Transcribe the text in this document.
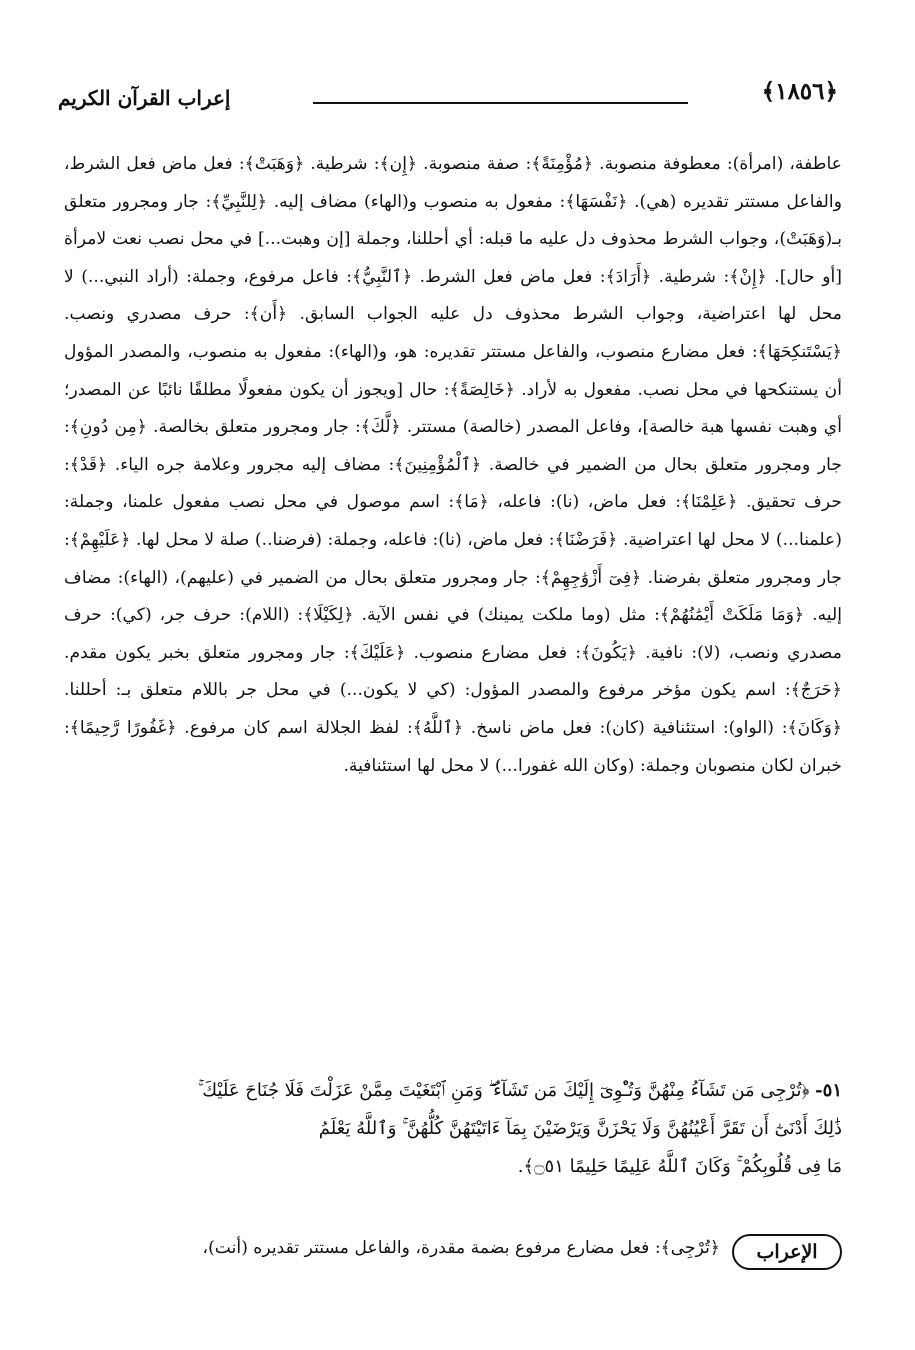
﴿١٨٥٦﴾
إعراب القرآن الكريم

عاطفة، (امرأة): معطوفة منصوبة. ﴿مُؤْمِنَةً﴾: صفة منصوبة. ﴿إِن﴾: شرطية. ﴿وَهَبَتْ﴾: فعل ماض فعل الشرط، والفاعل مستتر تقديره (هي). ﴿نَفْسَهَا﴾: مفعول به منصوب و(الهاء) مضاف إليه. ﴿لِلنَّبِيِّ﴾: جار ومجرور متعلق بـ(وَهَبَتْ)، وجواب الشرط محذوف دل عليه ما قبله: أي أحللنا، وجملة [إن وهبت...] في محل نصب نعت لامرأة [أو حال]. ﴿إِنْ﴾: شرطية. ﴿أَرَادَ﴾: فعل ماض فعل الشرط. ﴿ٱلنَّبِيُّ﴾: فاعل مرفوع، وجملة: (أراد النبي...) لا محل لها اعتراضية، وجواب الشرط محذوف دل عليه الجواب السابق. ﴿أَن﴾: حرف مصدري ونصب. ﴿يَسْتَنكِحَهَا﴾: فعل مضارع منصوب، والفاعل مستتر تقديره: هو، و(الهاء): مفعول به منصوب، والمصدر المؤول أن يستنكحها في محل نصب. مفعول به لأراد. ﴿خَالِصَةً﴾: حال [ويجوز أن يكون مفعولًا مطلقًا نائبًا عن المصدر؛ أي وهبت نفسها هبة خالصة]، وفاعل المصدر (خالصة) مستتر. ﴿لَّكَ﴾: جار ومجرور متعلق بخالصة. ﴿مِن دُونِ﴾: جار ومجرور متعلق بحال من الضمير في خالصة. ﴿ٱلْمُؤْمِنِينَ﴾: مضاف إليه مجرور وعلامة جره الياء. ﴿قَدْ﴾: حرف تحقيق. ﴿عَلِمْنَا﴾: فعل ماض، (نا): فاعله، ﴿مَا﴾: اسم موصول في محل نصب مفعول علمنا، وجملة: (علمنا...) لا محل لها اعتراضية. ﴿فَرَضْنَا﴾: فعل ماض، (نا): فاعله، وجملة: (فرضنا..) صلة لا محل لها. ﴿عَلَيْهِمْ﴾: جار ومجرور متعلق بفرضنا. ﴿فِىٓ أَزْوَٰجِهِمْ﴾: جار ومجرور متعلق بحال من الضمير في (عليهم)، (الهاء): مضاف إليه. ﴿وَمَا مَلَكَتْ أَيْمَٰنُهُمْ﴾: مثل (وما ملكت يمينك) في نفس الآية. ﴿لِكَيْلَا﴾: (اللام): حرف جر، (كي): حرف مصدري ونصب، (لا): نافية. ﴿يَكُونَ﴾: فعل مضارع منصوب. ﴿عَلَيْكَ﴾: جار ومجرور متعلق بخبر يكون مقدم. ﴿حَرَجٌ﴾: اسم يكون مؤخر مرفوع والمصدر المؤول: (كي لا يكون...) في محل جر باللام متعلق بـ: أحللنا. ﴿وَكَانَ﴾: (الواو): استئنافية (كان): فعل ماض ناسخ. ﴿ٱللَّهُ﴾: لفظ الجلالة اسم كان مرفوع. ﴿غَفُورًا رَّحِيمًا﴾: خبران لكان منصوبان وجملة: (وكان الله غفورا...) لا محل لها استئنافية.

٥١- ﴿تُرْجِى مَن تَشَآءُ مِنْهُنَّ وَتُـْٔوِىٓ إِلَيْكَ مَن تَشَآءُ ۖ وَمَنِ ٱبْتَغَيْتَ مِمَّنْ عَزَلْتَ فَلَا جُنَاحَ عَلَيْكَ ۚ
ذَٰلِكَ أَدْنَىٰٓ أَن تَقَرَّ أَعْيُنُهُنَّ وَلَا يَحْزَنَّ وَيَرْضَيْنَ بِمَآ ءَاتَيْتَهُنَّ كُلُّهُنَّ ۚ وَٱللَّهُ يَعْلَمُ
مَا فِى قُلُوبِكُمْ ۚ وَكَانَ ٱللَّهُ عَلِيمًا حَلِيمًا ۝٥١﴾.
الإعراب
﴿تُرْجِى﴾: فعل مضارع مرفوع بضمة مقدرة، والفاعل مستتر تقديره (أنت)،
